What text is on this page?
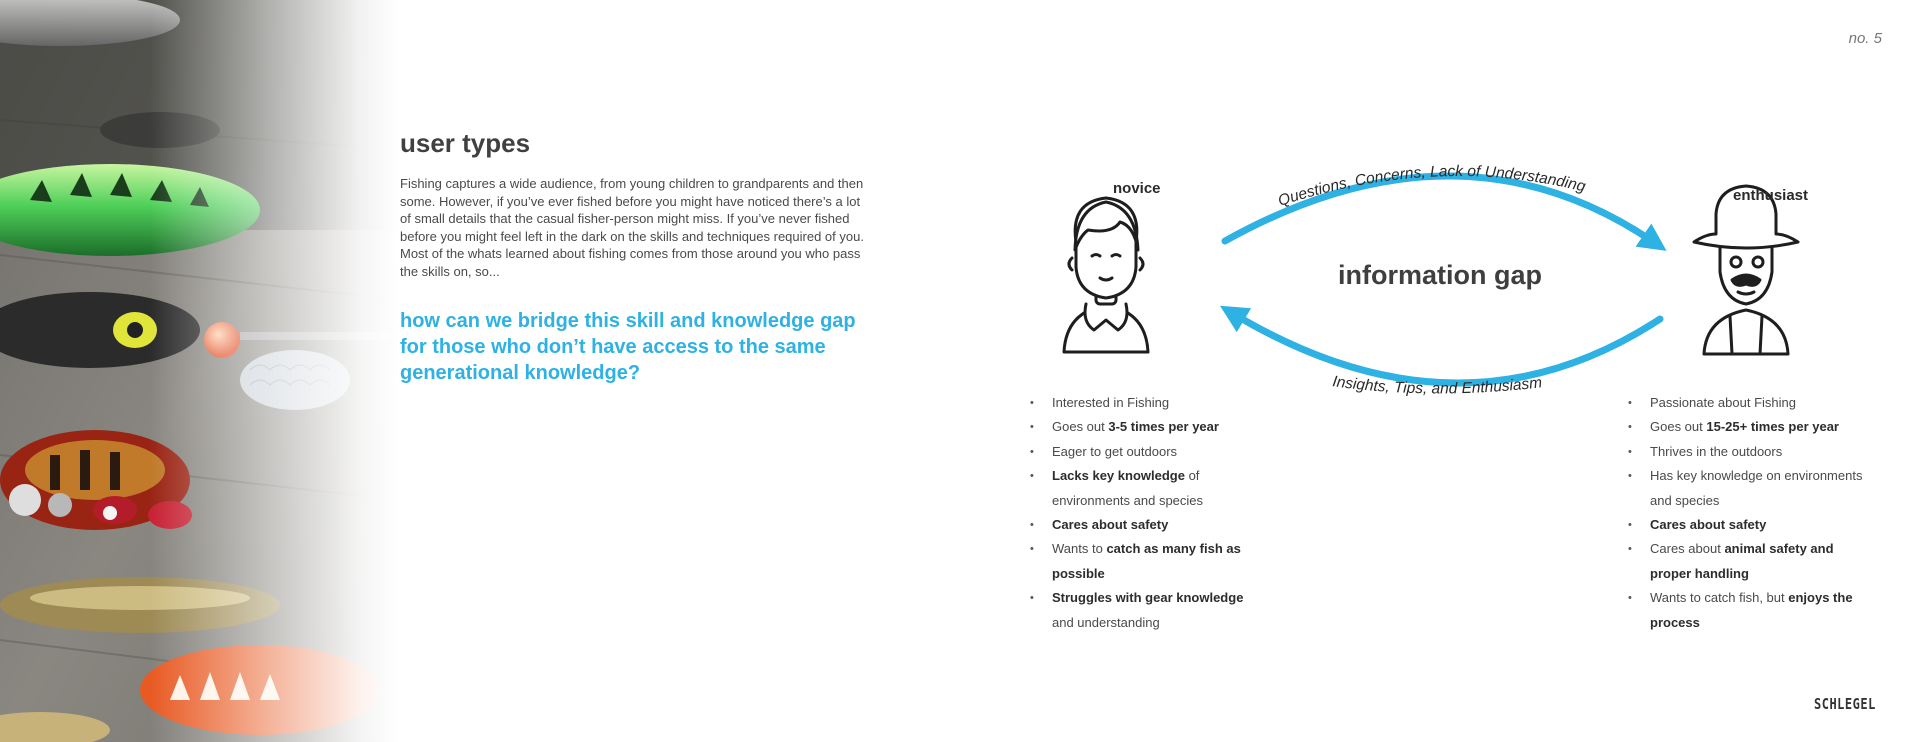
no. 5
user types

Fishing captures a wide audience, from young children to grandparents and then some. However, if you’ve ever fished before you might have noticed there’s a lot of small details that the casual fisher-person might miss. If you’ve never fished before you might feel left in the dark on the skills and techniques required of you. Most of the whats learned about fishing comes from those around you who pass the skills on, so...

how can we bridge this skill and knowledge gap for those who don’t have access to the same generational knowledge?

Questions, Concerns, Lack of Understanding
Insights, Tips, and Enthusiasm
novice	enthusiast
information gap
• Interested in Fishing
• Goes out 3-5 times per year
• Eager to get outdoors
• Lacks key knowledge of environments and species
• Cares about safety
• Wants to catch as many fish as possible
• Struggles with gear knowledge and understanding
• Passionate about Fishing
• Goes out 15-25+ times per year
• Thrives in the outdoors
• Has key knowledge on environments and species
• Cares about safety
• Cares about animal safety and proper handling
• Wants to catch fish, but enjoys the process
SCHLEGEL
